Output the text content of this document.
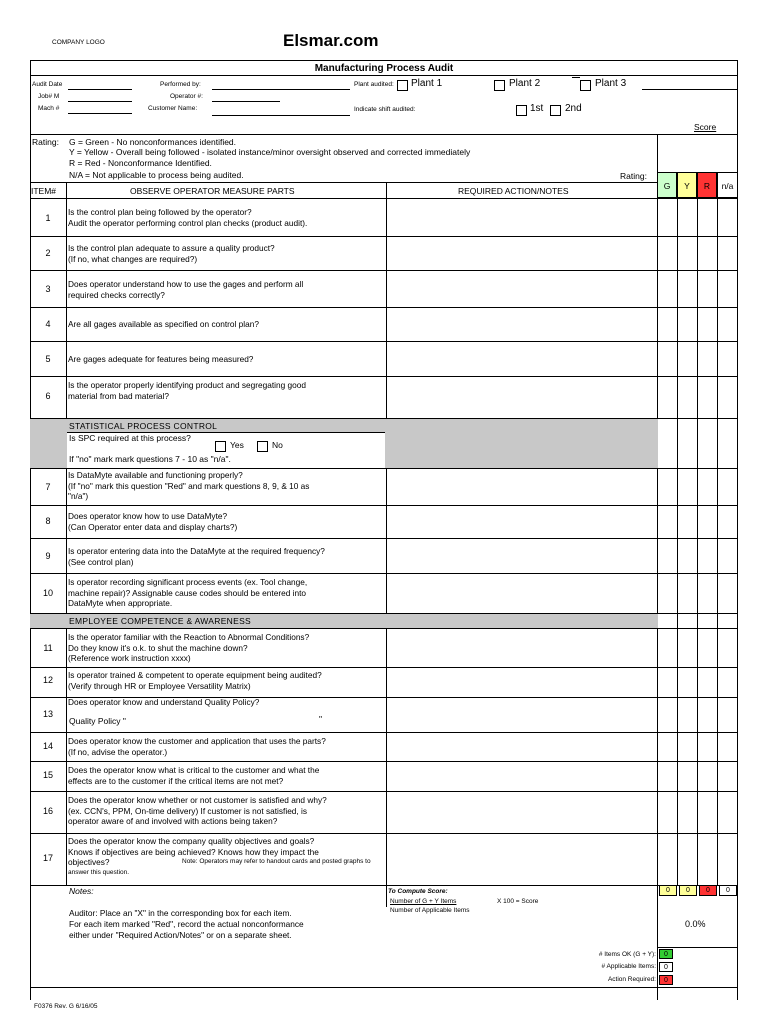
COMPANY LOGO	Elsmar.com
Manufacturing Process Audit
Audit Date
Job# M
Mach #
Performed by:
Operator #:
Customer Name:
Plant audited: Plant 1	Plant 2	Plant 3
Indicate shift audited:	1st 2nd
Score
Rating: G = Green - No nonconformances identified.
Y = Yellow - Overall being followed - isolated instance/minor oversight observed and corrected immediately
R = Red - Nonconformance Identified.
N/A = Not applicable to process being audited.	Rating:
ITEM#	OBSERVE OPERATOR MEASURE PARTS	REQUIRED ACTION/NOTES	G	Y	R	n/a
1
Is the control plan being followed by the operator?
Audit the operator performing control plan checks (product audit).
2	Is the control plan adequate to assure a quality product?
(If no, what changes are required?)
3	Does operator understand how to use the gages and perform all
required checks correctly?
4	Are all gages available as specified on control plan?
5	Are gages adequate for features being measured?
6
Is the operator properly identifying product and segregating good
material from bad material?
STATISTICAL PROCESS CONTROL
Is SPC required at this process?
Yes	No
If "no" mark mark questions 7 - 10 as "n/a".
7
Is DataMyte available and functioning properly?
(If "no" mark this question "Red" and mark questions 8, 9, & 10 as
"n/a")
8	Does operator know how to use DataMyte?
(Can Operator enter data and display charts?)
9	Is operator entering data into the DataMyte at the required frequency?
(See control plan)
10
Is operator recording significant process events (ex. Tool change,
machine repair)? Assignable cause codes should be entered into
DataMyte when appropriate.
EMPLOYEE COMPETENCE & AWARENESS
11
Is the operator familiar with the Reaction to Abnormal Conditions?
Do they know it's o.k. to shut the machine down?
(Reference work instruction xxxx)
12	Is operator trained & competent to operate equipment being audited?
(Verify through HR or Employee Versatility Matrix)
13
Does operator know and understand Quality Policy?
Quality Policy "	"
14	Does operator know the customer and application that uses the parts?
(If no, advise the operator.)
15	Does the operator know what is critical to the customer and what the
effects are to the customer if the critical items are not met?
16
Does the operator know whether or not customer is satisfied and why?
(ex. CCN's, PPM, On-time delivery) If customer is not satisfied, is
operator aware of and involved with actions being taken?
17
Does the operator know the company quality objectives and goals?
Knows if objectives are being achieved? Knows how they impact the
objectives?	Note: Operators may refer to handout cards and posted graphs to
answer this question.
Notes:
Auditor: Place an "X" in the corresponding box for each item.
For each item marked "Red", record the actual nonconformance
either under "Required Action/Notes" or on a separate sheet.
To Compute Score:
Number of G + Y Items	X 100 = Score
Number of Applicable Items
0	0	0	0
0.0%
# Items OK (G + Y):	0
# Applicable Items:	0
Action Required:	0
F0376 Rev. G 6/16/05
